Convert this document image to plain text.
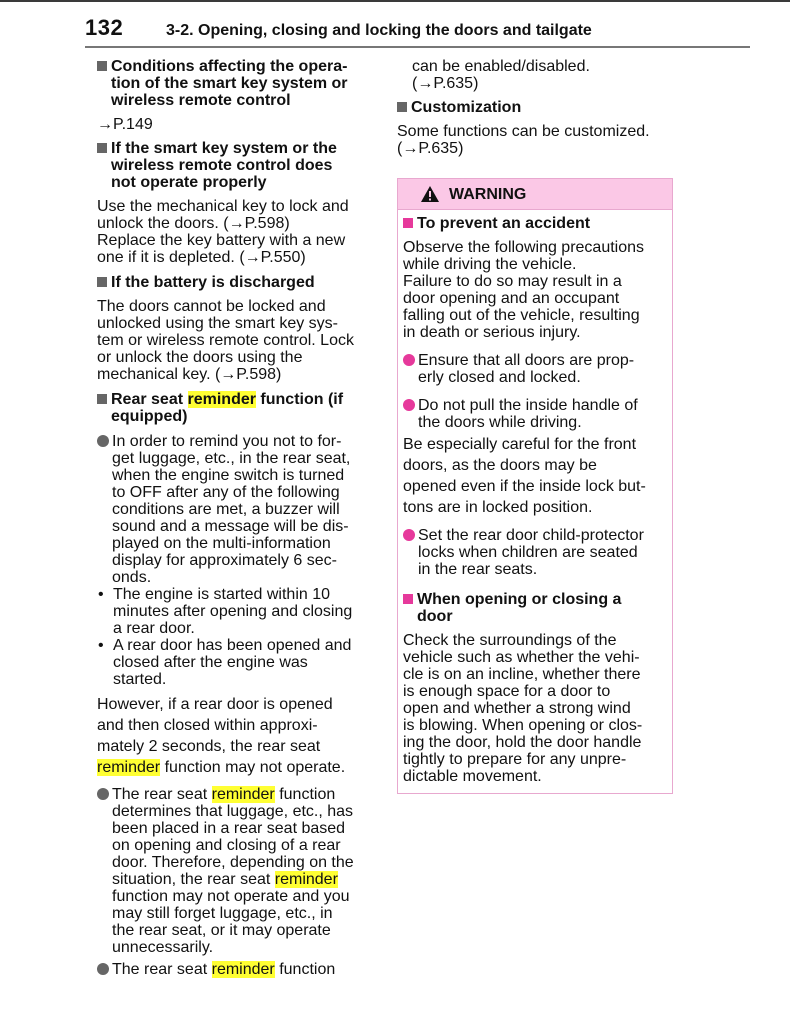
132	3-2. Opening, closing and locking the doors and tailgate
Conditions affecting the opera-
tion of the smart key system or
wireless remote control

→P.149

If the smart key system or the
wireless remote control does
not operate properly

Use the mechanical key to lock and
unlock the doors. (→P.598)
Replace the key battery with a new
one if it is depleted. (→P.550)

If the battery is discharged

The doors cannot be locked and
unlocked using the smart key sys-
tem or wireless remote control. Lock
or unlock the doors using the
mechanical key. (→P.598)

Rear seat reminder function (if
equipped)
In order to remind you not to for-
get luggage, etc., in the rear seat,
when the engine switch is turned
to OFF after any of the following
conditions are met, a buzzer will
sound and a message will be dis-
played on the multi-information
display for approximately 6 sec-
onds.
• The engine is started within 10
minutes after opening and closing
a rear door.
• A rear door has been opened and
closed after the engine was
started.

However, if a rear door is opened
and then closed within approxi-
mately 2 seconds, the rear seat
reminder function may not operate.

The rear seat reminder function
determines that luggage, etc., has
been placed in a rear seat based
on opening and closing of a rear
door. Therefore, depending on the
situation, the rear seat reminder
function may not operate and you
may still forget luggage, etc., in
the rear seat, or it may operate
unnecessarily.
The rear seat reminder function

can be enabled/disabled.
(→P.635)

Customization

Some functions can be customized.
(→P.635)

WARNING
To prevent an accident

Observe the following precautions
while driving the vehicle.
Failure to do so may result in a
door opening and an occupant
falling out of the vehicle, resulting
in death or serious injury.

Ensure that all doors are prop-
erly closed and locked.
Do not pull the inside handle of
the doors while driving.

Be especially careful for the front
doors, as the doors may be
opened even if the inside lock but-
tons are in locked position.

Set the rear door child-protector
locks when children are seated
in the rear seats.
When opening or closing a
door

Check the surroundings of the
vehicle such as whether the vehi-
cle is on an incline, whether there
is enough space for a door to
open and whether a strong wind
is blowing. When opening or clos-
ing the door, hold the door handle
tightly to prepare for any unpre-
dictable movement.
